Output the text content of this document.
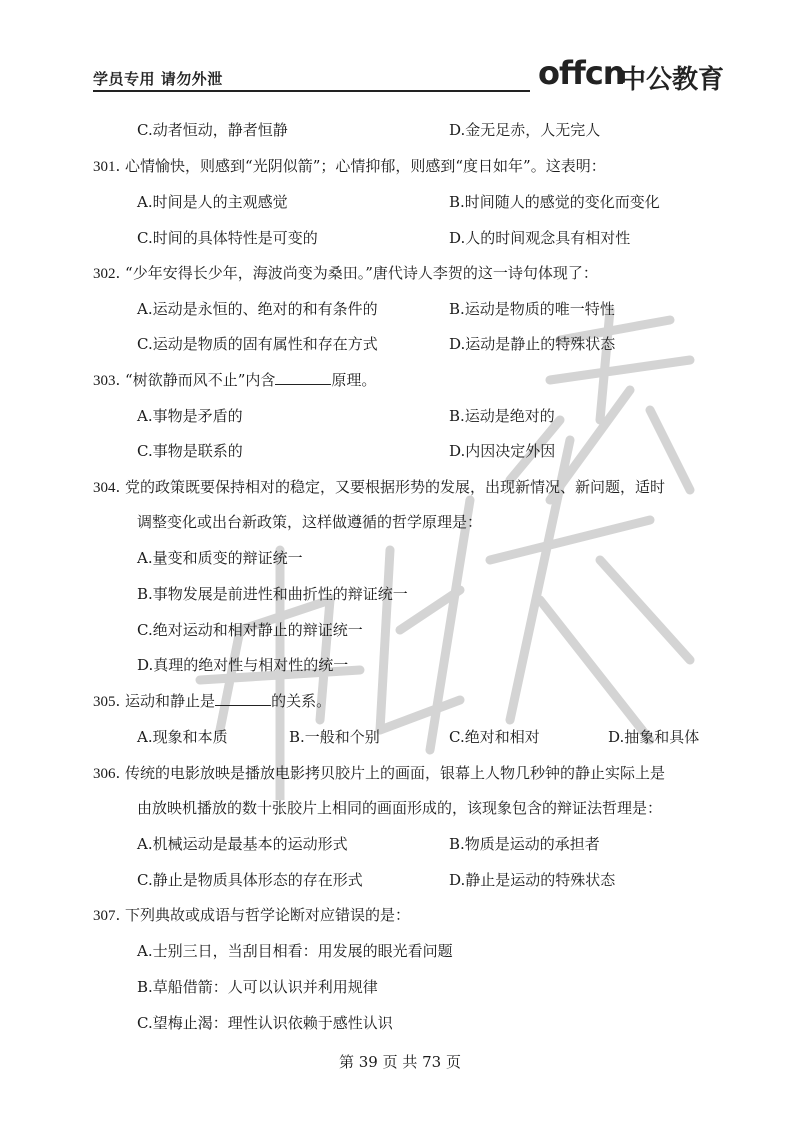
学员专用 请勿外泄	offcn
中公教育
C.动者恒动，静者恒静	D.金无足赤，人无完人
301. 心情愉快，则感到“光阴似箭”；心情抑郁，则感到“度日如年”。这表明：
A.时间是人的主观感觉	B.时间随人的感觉的变化而变化
C.时间的具体特性是可变的	D.人的时间观念具有相对性
302. “少年安得长少年，海波尚变为桑田。”唐代诗人李贺的这一诗句体现了：
A.运动是永恒的、绝对的和有条件的	B.运动是物质的唯一特性
C.运动是物质的固有属性和存在方式	D.运动是静止的特殊状态
303. “树欲静而风不止”内含	原理。
A.事物是矛盾的	B.运动是绝对的
C.事物是联系的	D.内因决定外因
304. 党的政策既要保持相对的稳定，又要根据形势的发展，出现新情况、新问题，适时
调整变化或出台新政策，这样做遵循的哲学原理是：
A.量变和质变的辩证统一
B.事物发展是前进性和曲折性的辩证统一
C.绝对运动和相对静止的辩证统一
D.真理的绝对性与相对性的统一
305. 运动和静止是	的关系。
A.现象和本质	B.一般和个别	C.绝对和相对	D.抽象和具体
306. 传统的电影放映是播放电影拷贝胶片上的画面，银幕上人物几秒钟的静止实际上是
由放映机播放的数十张胶片上相同的画面形成的，该现象包含的辩证法哲理是：
A.机械运动是最基本的运动形式	B.物质是运动的承担者
C.静止是物质具体形态的存在形式	D.静止是运动的特殊状态
307. 下列典故或成语与哲学论断对应错误的是：
A.士别三日，当刮目相看：用发展的眼光看问题
B.草船借箭：人可以认识并利用规律
C.望梅止渴：理性认识依赖于感性认识
第 39 页 共 73 页
